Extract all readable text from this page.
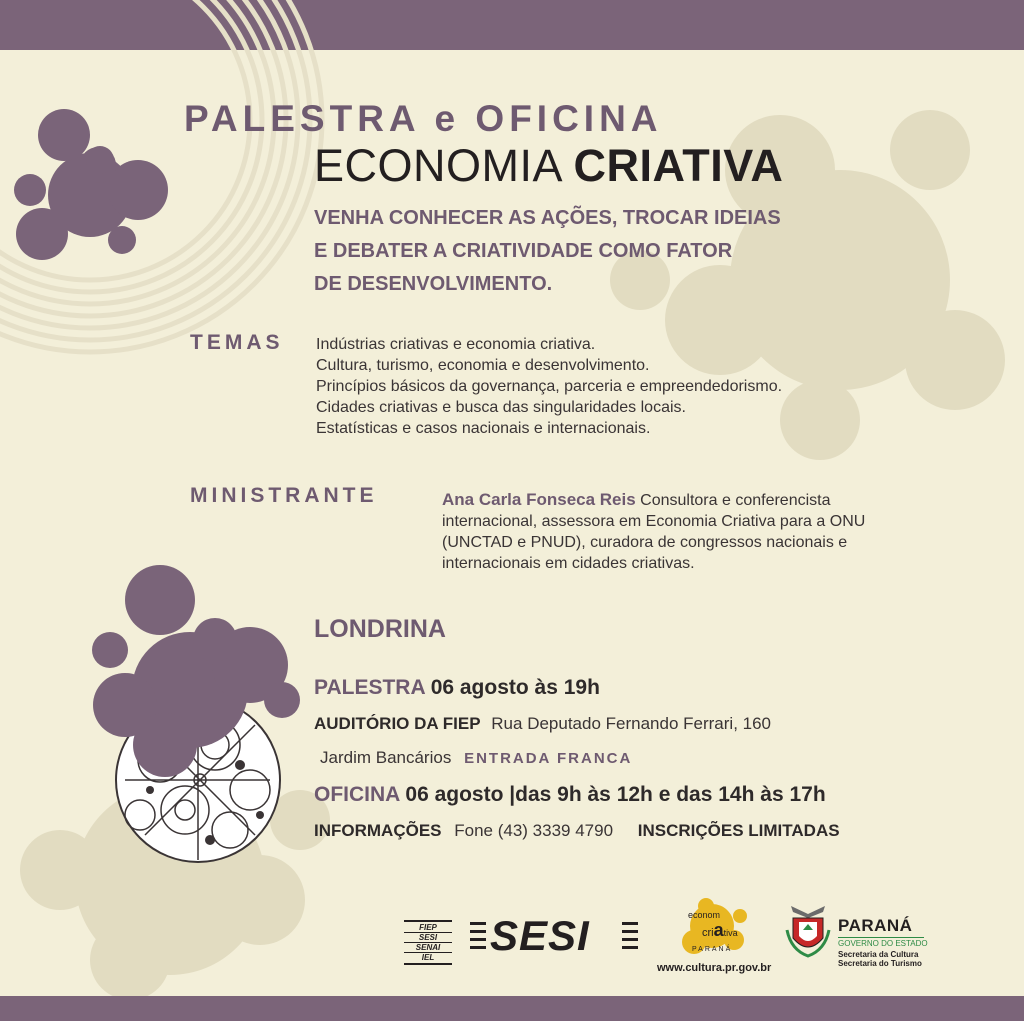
PALESTRA e OFICINA
ECONOMIA CRIATIVA
VENHA CONHECER AS AÇÕES, TROCAR IDEIAS
E DEBATER A CRIATIVIDADE COMO FATOR
DE DESENVOLVIMENTO.
TEMAS Indústrias criativas e economia criativa.
Cultura, turismo, economia e desenvolvimento.
Princípios básicos da governança, parceria e empreendedorismo.
Cidades criativas e busca das singularidades locais.
Estatísticas e casos nacionais e internacionais.
MINISTRANTE	Ana Carla Fonseca Reis Consultora e conferencista internacional, assessora em Economia Criativa para a ONU (UNCTAD e PNUD), curadora de congressos nacionais e internacionais em cidades criativas.
LONDRINA
PALESTRA 06 agosto às 19h
AUDITÓRIO DA FIEP Rua Deputado Fernando Ferrari, 160
Jardim Bancários ENTRADA FRANCA
OFICINA 06 agosto |das 9h às 12h e das 14h às 17h
INFORMAÇÕES Fone (43) 3339 4790 INSCRIÇÕES LIMITADAS
FIEP
SESI
SENAI
IEL	SESI	econom
criativa
PARANÁ
www.cultura.pr.gov.br
PARANÁ
GOVERNO DO ESTADO
Secretaria da Cultura
Secretaria do Turismo
